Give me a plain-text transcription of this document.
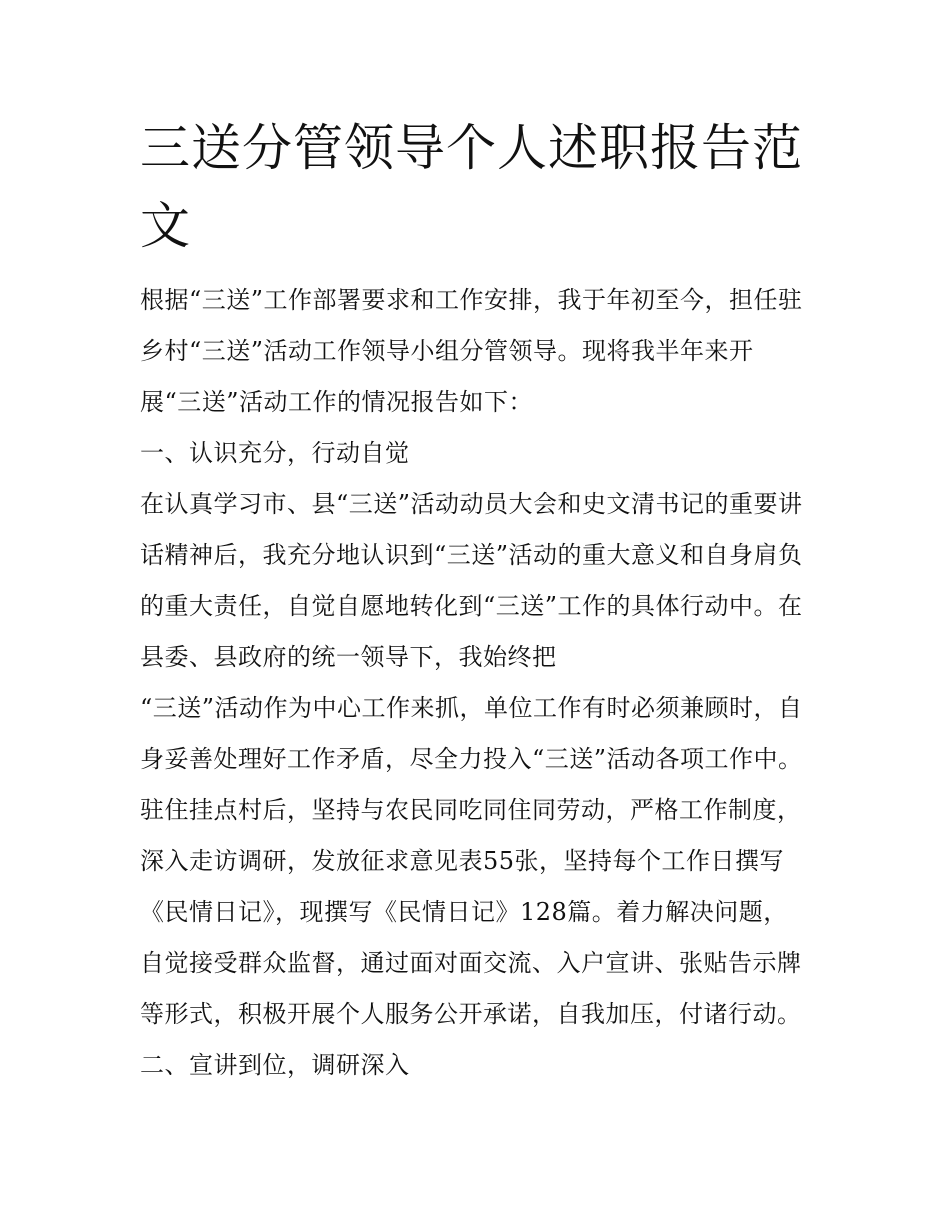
三送分管领导个人述职报告范
文
根据“三送”工作部署要求和工作安排，我于年初至今，担任驻
乡村“三送”活动工作领导小组分管领导。现将我半年来开
展“三送”活动工作的情况报告如下：
一、认识充分，行动自觉
在认真学习市、县“三送”活动动员大会和史文清书记的重要讲
话精神后，我充分地认识到“三送”活动的重大意义和自身肩负
的重大责任，自觉自愿地转化到“三送”工作的具体行动中。在
县委、县政府的统一领导下，我始终把
“三送”活动作为中心工作来抓，单位工作有时必须兼顾时，自
身妥善处理好工作矛盾，尽全力投入“三送”活动各项工作中。
驻住挂点村后，坚持与农民同吃同住同劳动，严格工作制度，
深入走访调研，发放征求意见表55张，坚持每个工作日撰写
《民情日记》，现撰写《民情日记》128篇。着力解决问题，
自觉接受群众监督，通过面对面交流、入户宣讲、张贴告示牌
等形式，积极开展个人服务公开承诺，自我加压，付诸行动。
二、宣讲到位，调研深入
